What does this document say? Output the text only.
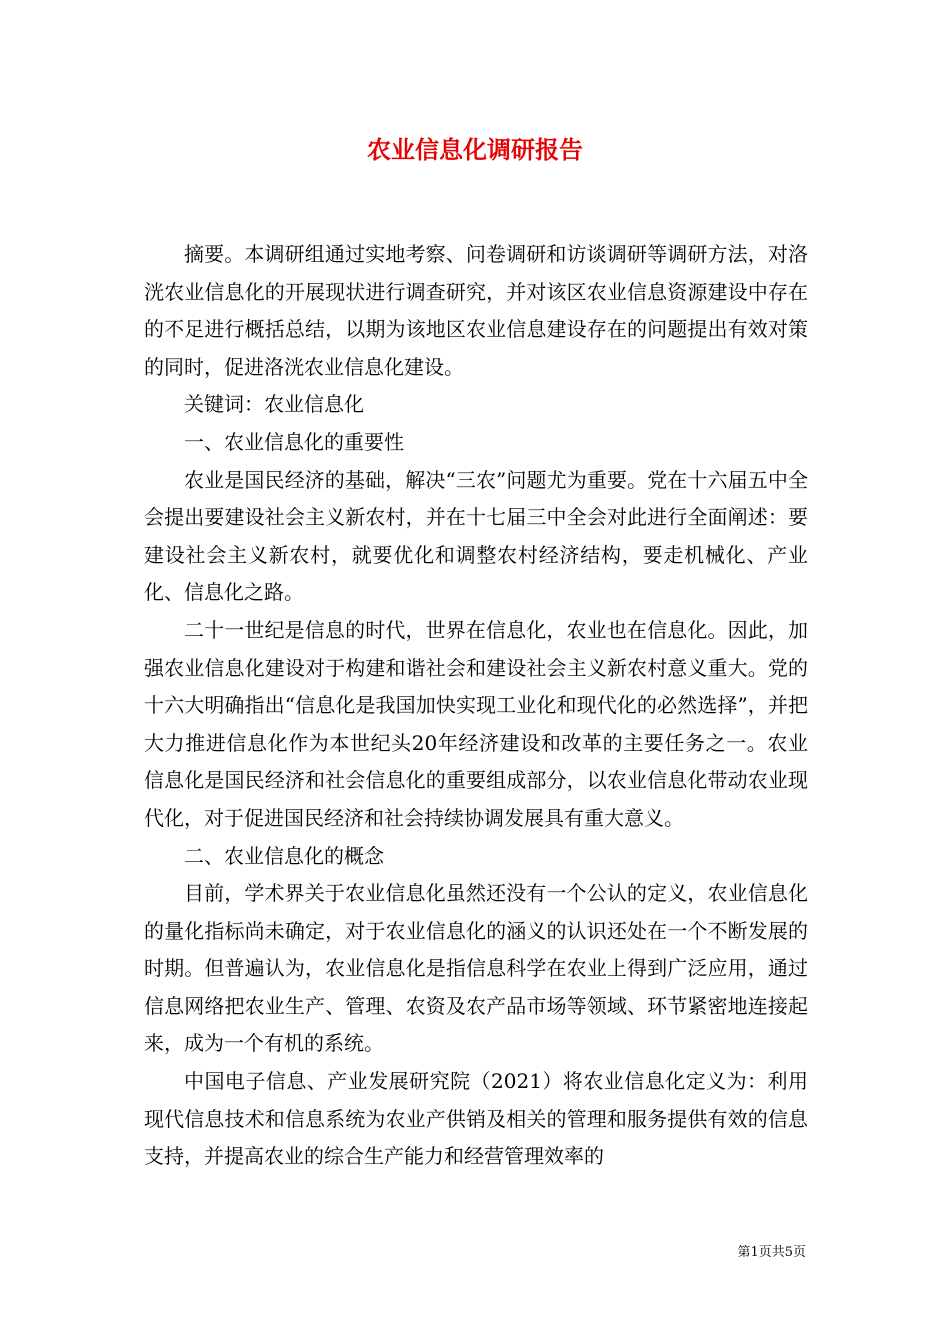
农业信息化调研报告

摘要。本调研组通过实地考察、问卷调研和访谈调研等调研方法，对洛洸农业信息化的开展现状进行调查研究，并对该区农业信息资源建设中存在的不足进行概括总结，以期为该地区农业信息建设存在的问题提出有效对策的同时，促进洛洸农业信息化建设。

关键词：农业信息化

一、农业信息化的重要性

农业是国民经济的基础，解决“三农”问题尤为重要。党在十六届五中全会提出要建设社会主义新农村，并在十七届三中全会对此进行全面阐述：要建设社会主义新农村，就要优化和调整农村经济结构，要走机械化、产业化、信息化之路。

二十一世纪是信息的时代，世界在信息化，农业也在信息化。因此，加强农业信息化建设对于构建和谐社会和建设社会主义新农村意义重大。党的十六大明确指出“信息化是我国加快实现工业化和现代化的必然选择”，并把大力推进信息化作为本世纪头20年经济建设和改革的主要任务之一。农业信息化是国民经济和社会信息化的重要组成部分，以农业信息化带动农业现代化，对于促进国民经济和社会持续协调发展具有重大意义。

二、农业信息化的概念

目前，学术界关于农业信息化虽然还没有一个公认的定义，农业信息化的量化指标尚未确定，对于农业信息化的涵义的认识还处在一个不断发展的时期。但普遍认为，农业信息化是指信息科学在农业上得到广泛应用，通过信息网络把农业生产、管理、农资及农产品市场等领域、环节紧密地连接起来，成为一个有机的系统。

中国电子信息、产业发展研究院（2021）将农业信息化定义为：利用现代信息技术和信息系统为农业产供销及相关的管理和服务提供有效的信息支持，并提高农业的综合生产能力和经营管理效率的

第1页共5页
